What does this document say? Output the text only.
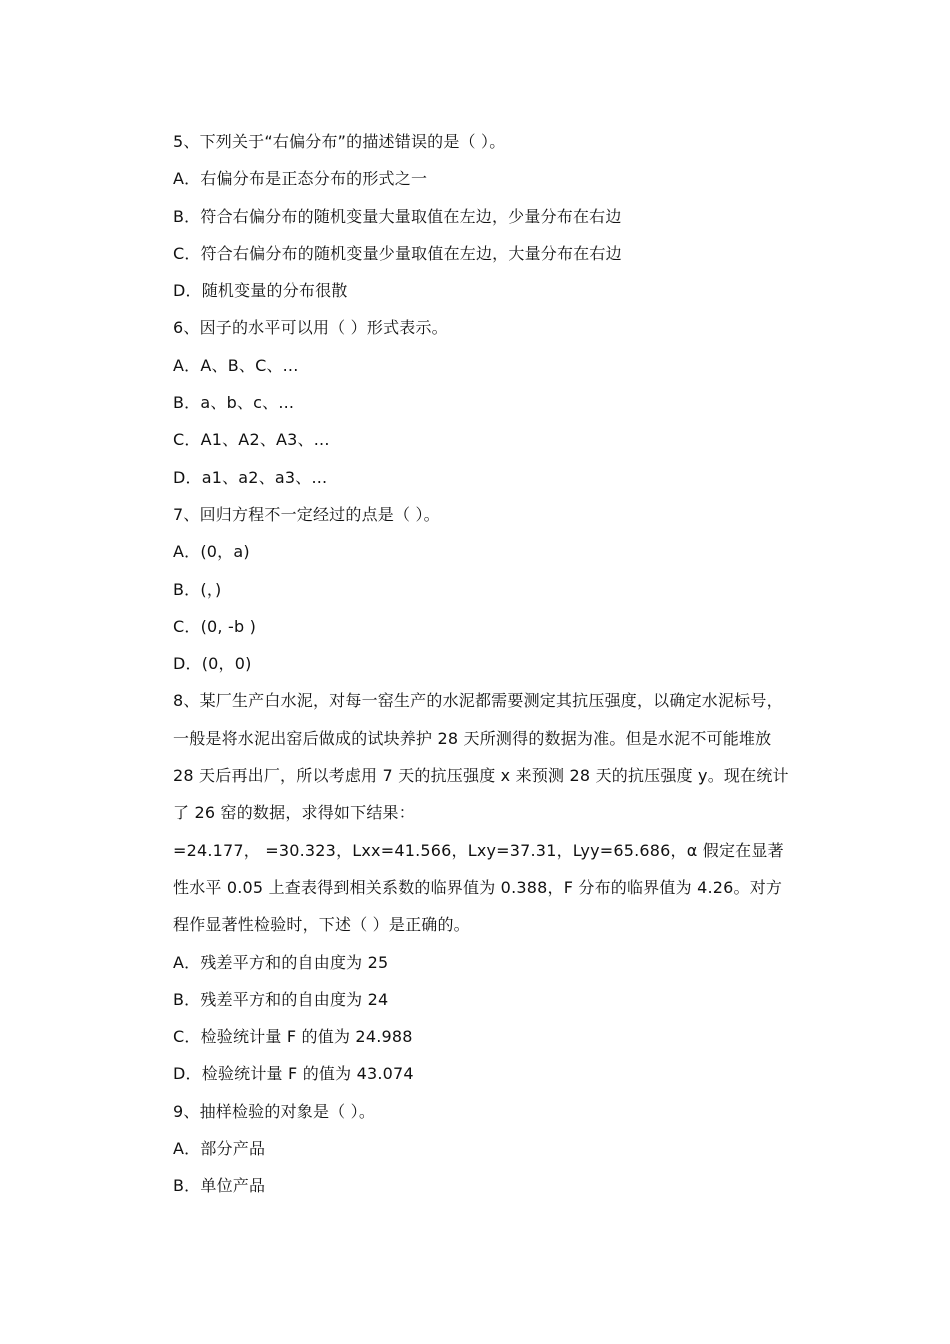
5、下列关于“右偏分布”的描述错误的是（ ）。
A．右偏分布是正态分布的形式之一
B．符合右偏分布的随机变量大量取值在左边，少量分布在右边
C．符合右偏分布的随机变量少量取值在左边，大量分布在右边
D．随机变量的分布很散
6、因子的水平可以用（ ）形式表示。
A．A、B、C、...
B．a、b、c、...
C．A1、A2、A3、...
D．a1、a2、a3、...
7、回归方程不一定经过的点是（ ）。
A．(0，a)
B．(，)
C．(0, -b )
D．(0，0)
8、某厂生产白水泥，对每一窑生产的水泥都需要测定其抗压强度，以确定水泥标号，
一般是将水泥出窑后做成的试块养护 28 天所测得的数据为准。但是水泥不可能堆放
28 天后再出厂，所以考虑用 7 天的抗压强度 x 来预测 28 天的抗压强度 y。现在统计
了 26 窑的数据，求得如下结果：
=24.177， =30.323，Lxx=41.566，Lxy=37.31，Lyy=65.686，α 假定在显著
性水平 0.05 上查表得到相关系数的临界值为 0.388，F 分布的临界值为 4.26。对方
程作显著性检验时，下述（ ）是正确的。
A．残差平方和的自由度为 25
B．残差平方和的自由度为 24
C．检验统计量 F 的值为 24.988
D．检验统计量 F 的值为 43.074
9、抽样检验的对象是（ ）。
A．部分产品
B．单位产品
